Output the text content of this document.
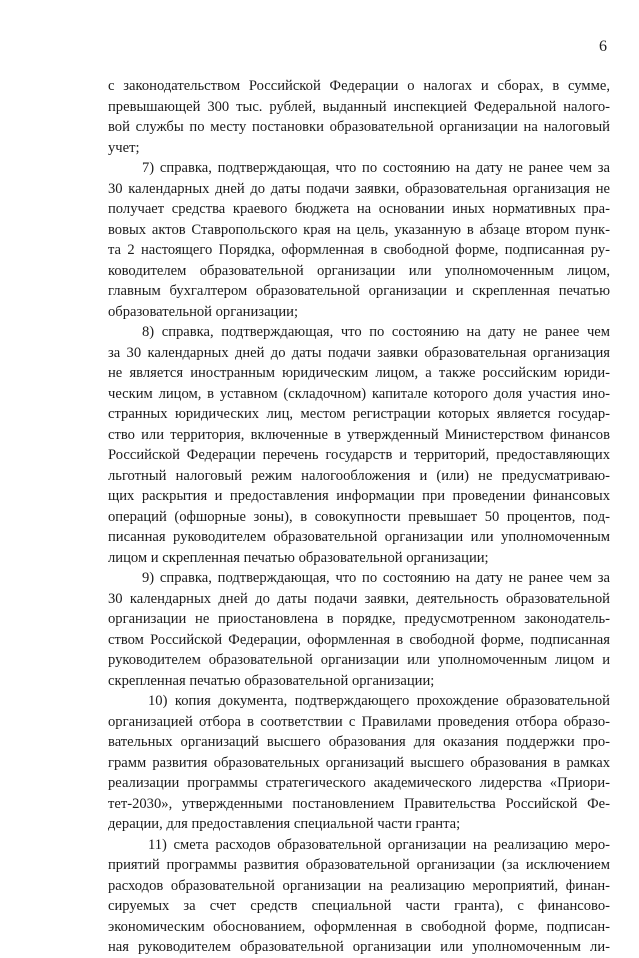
6
с законодательством Российской Федерации о налогах и сборах, в сумме,
превышающей 300 тыс. рублей, выданный инспекцией Федеральной налого-
вой службы по месту постановки образовательной организации на налоговый
учет;
7) справка, подтверждающая, что по состоянию на дату не ранее чем за
30 календарных дней до даты подачи заявки, образовательная организация не
получает средства краевого бюджета на основании иных нормативных пра-
вовых актов Ставропольского края на цель, указанную в абзаце втором пунк-
та 2 настоящего Порядка, оформленная в свободной форме, подписанная ру-
ководителем образовательной организации или уполномоченным лицом,
главным бухгалтером образовательной организации и скрепленная печатью
образовательной организации;
8) справка, подтверждающая, что по состоянию на дату не ранее чем
за 30 календарных дней до даты подачи заявки образовательная организация
не является иностранным юридическим лицом, а также российским юриди-
ческим лицом, в уставном (складочном) капитале которого доля участия ино-
странных юридических лиц, местом регистрации которых является государ-
ство или территория, включенные в утвержденный Министерством финансов
Российской Федерации перечень государств и территорий, предоставляющих
льготный налоговый режим налогообложения и (или) не предусматриваю-
щих раскрытия и предоставления информации при проведении финансовых
операций (офшорные зоны), в совокупности превышает 50 процентов, под-
писанная руководителем образовательной организации или уполномоченным
лицом и скрепленная печатью образовательной организации;
9) справка, подтверждающая, что по состоянию на дату не ранее чем за
30 календарных дней до даты подачи заявки, деятельность образовательной
организации не приостановлена в порядке, предусмотренном законодатель-
ством Российской Федерации, оформленная в свободной форме, подписанная
руководителем образовательной организации или уполномоченным лицом и
скрепленная печатью образовательной организации;
10) копия документа, подтверждающего прохождение образовательной
организацией отбора в соответствии с Правилами проведения отбора образо-
вательных организаций высшего образования для оказания поддержки про-
грамм развития образовательных организаций высшего образования в рамках
реализации программы стратегического академического лидерства «Приори-
тет-2030», утвержденными постановлением Правительства Российской Фе-
дерации, для предоставления специальной части гранта;
11) смета расходов образовательной организации на реализацию меро-
приятий программы развития образовательной организации (за исключением
расходов образовательной организации на реализацию мероприятий, финан-
сируемых за счет средств специальной части гранта), с финансово-
экономическим обоснованием, оформленная в свободной форме, подписан-
ная руководителем образовательной организации или уполномоченным ли-
